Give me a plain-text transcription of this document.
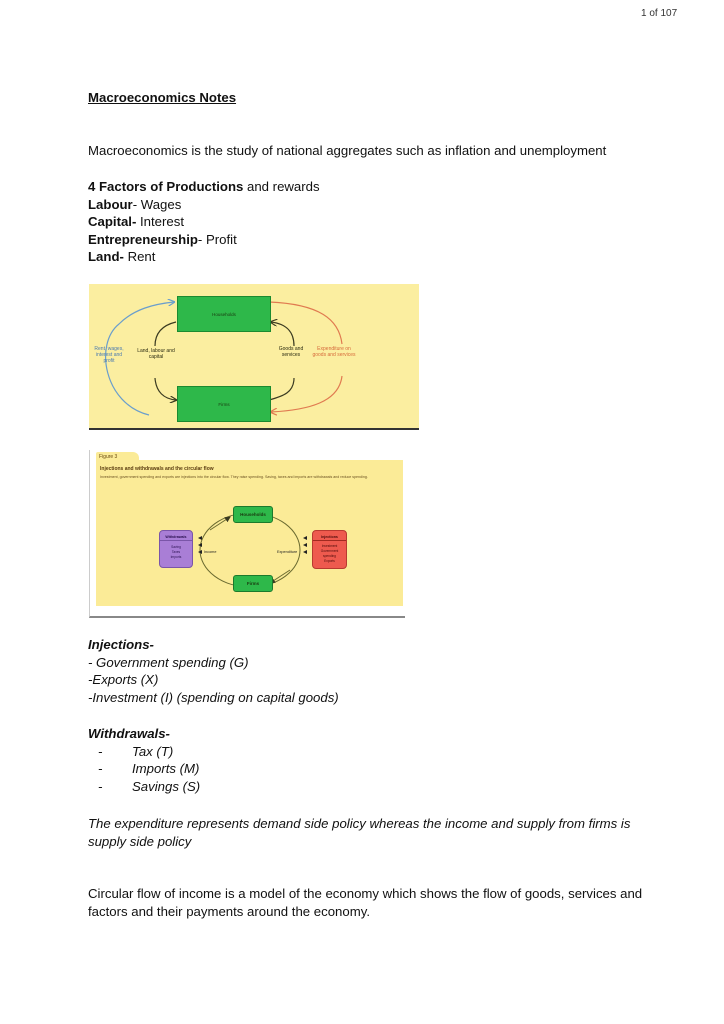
1 of 107
Macroeconomics Notes
Macroeconomics is the study of national aggregates such as inflation and unemployment
4 Factors of Productions and rewards
Labour- Wages
Capital- Interest
Entrepreneurship- Profit
Land- Rent
Households
Firms
Rent, wages, interest and profit
Land, labour and capital
Goods and services
Expenditure on goods and services
Figure 3
Injections and withdrawals and the circular flow
Investment, government spending and exports are injections into the circular flow. They raise spending. Saving, taxes and imports are withdrawals and reduce spending.
Households
Firms
Income	Expenditure
Withdrawals
Saving
Taxes
Imports
Injections
Investment
Government
spending
Exports
Injections-
- Government spending (G)
-Exports (X)
-Investment (I) (spending on capital goods)
Withdrawals-
- Tax (T)
- Imports (M)
- Savings (S)
The expenditure represents demand side policy whereas the income and supply from firms is supply side policy
Circular flow of income is a model of the economy which shows the flow of goods, services and factors and their payments around the economy.
